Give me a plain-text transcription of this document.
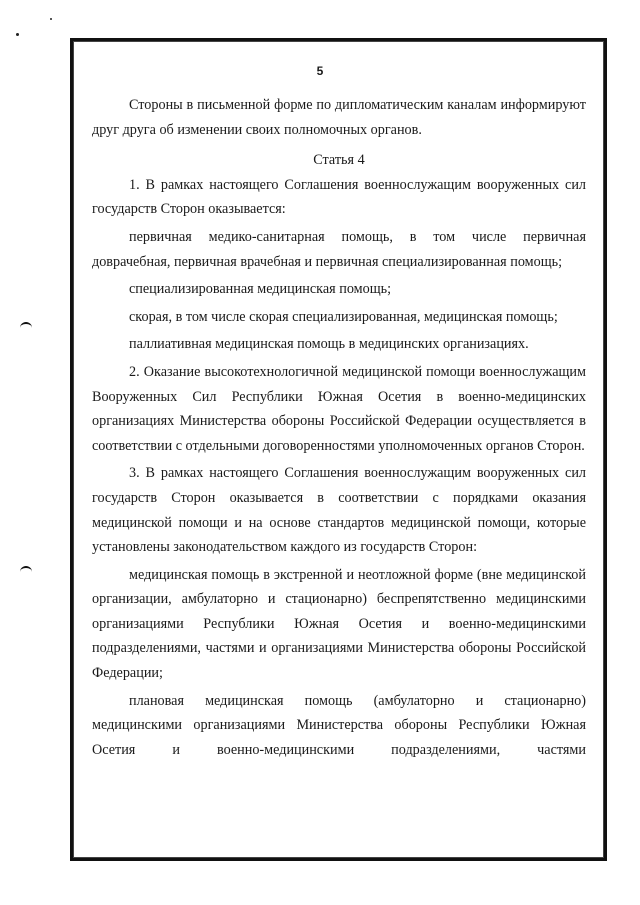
5

Стороны в письменной форме по дипломатическим каналам информируют друг друга об изменении своих полномочных органов.

Статья 4

1. В рамках настоящего Соглашения военнослужащим вооруженных сил государств Сторон оказывается:

первичная медико-санитарная помощь, в том числе первичная доврачебная, первичная врачебная и первичная специализированная помощь;

специализированная медицинская помощь;

скорая, в том числе скорая специализированная, медицинская помощь;

паллиативная медицинская помощь в медицинских организациях.

2. Оказание высокотехнологичной медицинской помощи военнослужащим Вооруженных Сил Республики Южная Осетия в военно-медицинских организациях Министерства обороны Российской Федерации осуществляется в соответствии с отдельными договоренностями уполномоченных органов Сторон.

3. В рамках настоящего Соглашения военнослужащим вооруженных сил государств Сторон оказывается в соответствии с порядками оказания медицинской помощи и на основе стандартов медицинской помощи, которые установлены законодательством каждого из государств Сторон:

медицинская помощь в экстренной и неотложной форме (вне медицинской организации, амбулаторно и стационарно) беспрепятственно медицинскими организациями Республики Южная Осетия и военно-медицинскими подразделениями, частями и организациями Министерства обороны Российской Федерации;

плановая медицинская помощь (амбулаторно и стационарно) медицинскими организациями Министерства обороны Республики Южная Осетия и военно-медицинскими подразделениями, частями
